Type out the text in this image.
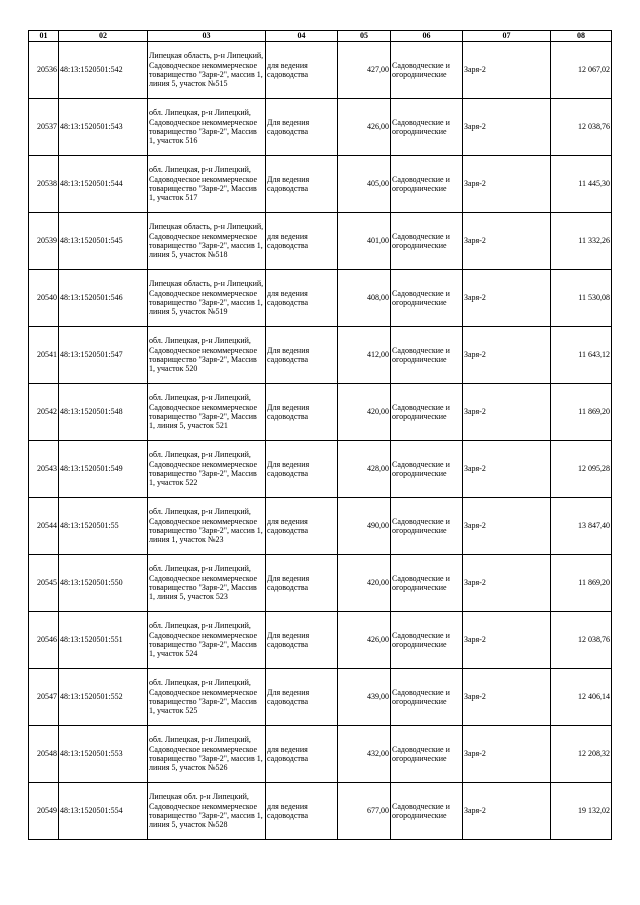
01	02	03	04	05	06	07	08

20536	48:13:1520501:542	Липецкая область, р-н Липецкий, Садоводческое некоммерческое товарищество "Заря-2", массив 1, линия 5, участок №515	для ведения садоводства	427,00	Садоводческие и огороднические	Заря-2	12 067,02

20537	48:13:1520501:543	обл. Липецкая, р-н Липецкий, Садоводческое некоммерческое товарищество "Заря-2", Массив 1, участок 516	Для ведения садоводства	426,00	Садоводческие и огороднические	Заря-2	12 038,76

20538	48:13:1520501:544	обл. Липецкая, р-н Липецкий, Садоводческое некоммерческое товарищество "Заря-2", Массив 1, участок 517	Для ведения садоводства	405,00	Садоводческие и огороднические	Заря-2	11 445,30

20539	48:13:1520501:545	Липецкая область, р-н Липецкий, Садоводческое некоммерческое товарищество "Заря-2", массив 1, линия 5, участок №518	для ведения садоводства	401,00	Садоводческие и огороднические	Заря-2	11 332,26

20540	48:13:1520501:546	Липецкая область, р-н Липецкий, Садоводческое некоммерческое товарищество "Заря-2", массив 1, линия 5, участок №519	для ведения садоводства	408,00	Садоводческие и огороднические	Заря-2	11 530,08

20541	48:13:1520501:547	обл. Липецкая, р-н Липецкий, Садоводческое некоммерческое товарищество "Заря-2", Массив 1, участок 520	Для ведения садоводства	412,00	Садоводческие и огороднические	Заря-2	11 643,12

20542	48:13:1520501:548	обл. Липецкая, р-н Липецкий, Садоводческое некоммерческое товарищество "Заря-2", Массив 1, линия 5, участок 521	Для ведения садоводства	420,00	Садоводческие и огороднические	Заря-2	11 869,20

20543	48:13:1520501:549	обл. Липецкая, р-н Липецкий, Садоводческое некоммерческое товарищество "Заря-2", Массив 1, участок 522	Для ведения садоводства	428,00	Садоводческие и огороднические	Заря-2	12 095,28

20544	48:13:1520501:55	обл. Липецкая, р-н Липецкий, Садоводческое некоммерческое товарищество "Заря-2", массив 1, линия 1, участок №23	для ведения садоводства	490,00	Садоводческие и огороднические	Заря-2	13 847,40

20545	48:13:1520501:550	обл. Липецкая, р-н Липецкий, Садоводческое некоммерческое товарищество "Заря-2", Массив 1, линия 5, участок 523	Для ведения садоводства	420,00	Садоводческие и огороднические	Заря-2	11 869,20

20546	48:13:1520501:551	обл. Липецкая, р-н Липецкий, Садоводческое некоммерческое товарищество "Заря-2", Массив 1, участок 524	Для ведения садоводства	426,00	Садоводческие и огороднические	Заря-2	12 038,76

20547	48:13:1520501:552	обл. Липецкая, р-н Липецкий, Садоводческое некоммерческое товарищество "Заря-2", Массив 1, участок 525	Для ведения садоводства	439,00	Садоводческие и огороднические	Заря-2	12 406,14

20548	48:13:1520501:553	обл. Липецкая, р-н Липецкий, Садоводческое некоммерческое товарищество "Заря-2", массив 1, линия 5, участок №526	для ведения садоводства	432,00	Садоводческие и огороднические	Заря-2	12 208,32

20549	48:13:1520501:554	Липецкая обл. р-н Липецкий, Садоводческое некоммерческое товарищество "Заря-2", массив 1, линия 5, участок №528	для ведения садоводства	677,00	Садоводческие и огороднические	Заря-2	19 132,02
